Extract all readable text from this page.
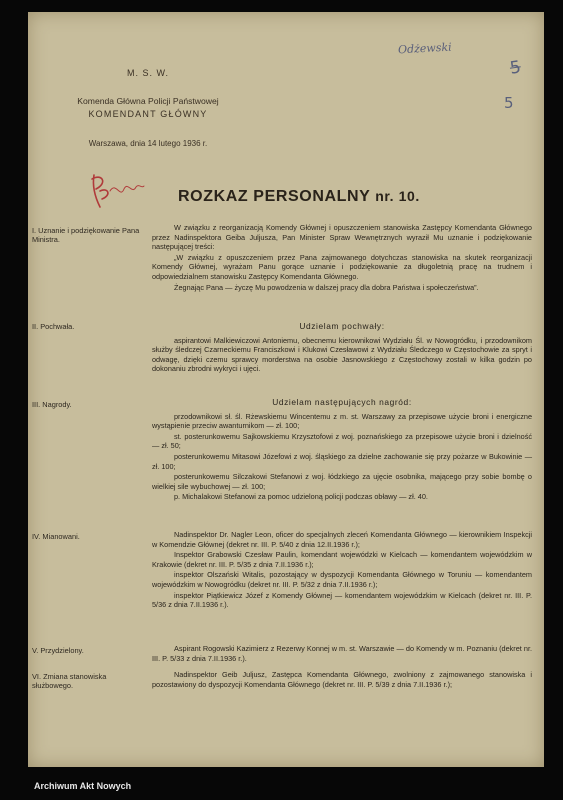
Odżewski
5
5
M. S. W.
Komenda Główna Policji Państwowej
KOMENDANT GŁÓWNY
Warszawa, dnia 14 lutego 1936 r.
ROZKAZ PERSONALNY nr. 10.
I. Uznanie i podziękowanie Pana Ministra.

W związku z reorganizacją Komendy Głównej i opuszczeniem stanowiska Zastępcy Komendanta Głównego przez Nadinspektora Geiba Juljusza, Pan Minister Spraw Wewnętrznych wyraził Mu uznanie i podziękowanie następującej treści:

„W związku z opuszczeniem przez Pana zajmowanego dotychczas stanowiska na skutek reorganizacji Komendy Głównej, wyrażam Panu gorące uznanie i podziękowanie za długoletnią pracę na trudnem i odpowiedzialnem stanowisku Zastępcy Komendanta Głównego.

Żegnając Pana — życzę Mu powodzenia w dalszej pracy dla dobra Państwa i społeczeństwa”.

II. Pochwała.	Udzielam pochwały:

aspirantowi Malkiewiczowi Antoniemu, obecnemu kierownikowi Wydziału Śl. w Nowogródku, i przodownikom służby śledczej Czarneckiemu Franciszkowi i Klukowi Czesławowi z Wydziału Śledczego w Częstochowie za spryt i odwagę, dzięki czemu sprawcy morderstwa na osobie Jasnowskiego z Częstochowy zostali w kilka godzin po dokonaniu zbrodni wykryci i ujęci.

III. Nagrody.	Udzielam następujących nagród:

przodownikowi sł. śl. Rżewskiemu Wincentemu z m. st. Warszawy za przepisowe użycie broni i energiczne wystąpienie przeciw awanturnikom — zł. 100;

st. posterunkowemu Sajkowskiemu Krzysztofowi z woj. poznańskiego za przepisowe użycie broni i dzielność — zł. 50;

posterunkowemu Mitasowi Józefowi z woj. śląskiego za dzielne zachowanie się przy pożarze w Bukowinie — zł. 100;

posterunkowemu Silczakowi Stefanowi z woj. łódzkiego za ujęcie osobnika, mającego przy sobie bombę o wielkiej sile wybuchowej — zł. 100;

p. Michalakowi Stefanowi za pomoc udzieloną policji podczas obławy — zł. 40.

IV. Mianowani.	Nadinspektor Dr. Nagler Leon, oficer do specjalnych zleceń Komendanta Głównego — kierownikiem Inspekcji w Komendzie Głównej (dekret nr. III. P. 5/40 z dnia 12.II.1936 r.);

Inspektor Grabowski Czesław Paulin, komendant wojewódzki w Kielcach — komendantem wojewódzkim w Krakowie (dekret nr. III. P. 5/35 z dnia 7.II.1936 r.);

inspektor Olszański Witalis, pozostający w dyspozycji Komendanta Głównego w Toruniu — komendantem wojewódzkim w Nowogródku (dekret nr. III. P. 5/32 z dnia 7.II.1936 r.);

inspektor Piątkiewicz Józef z Komendy Głównej — komendantem wojewódzkim w Kielcach (dekret nr. III. P. 5/36 z dnia 7.II.1936 r.).

V. Przydzielony.	Aspirant Rogowski Kazimierz z Rezerwy Konnej w m. st. Warszawie — do Komendy w m. Poznaniu (dekret nr. III. P. 5/33 z dnia 7.II.1936 r.).

VI. Zmiana stanowiska służbowego.

Nadinspektor Geib Juljusz, Zastępca Komendanta Głównego, zwolniony z zajmowanego stanowiska i pozostawiony do dyspozycji Komendanta Głównego (dekret nr. III. P. 5/39 z dnia 7.II.1936 r.);

Archiwum Akt Nowych
